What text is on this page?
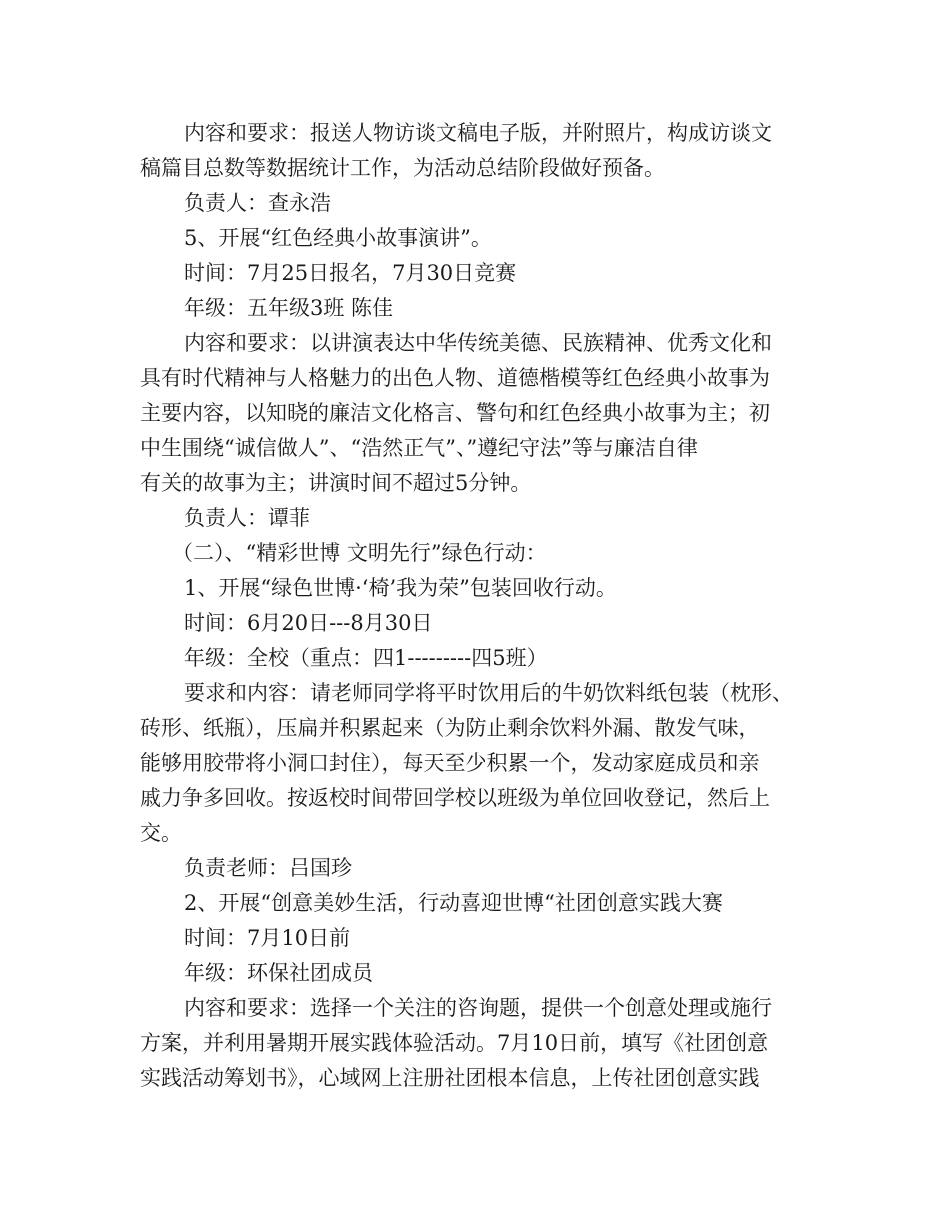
内容和要求：报送人物访谈文稿电子版，并附照片，构成访谈文
稿篇目总数等数据统计工作，为活动总结阶段做好预备。
负责人：查永浩
5、开展“红色经典小故事演讲”。
时间：7月25日报名，7月30日竞赛
年级：五年级3班 陈佳
内容和要求：以讲演表达中华传统美德、民族精神、优秀文化和
具有时代精神与人格魅力的出色人物、道德楷模等红色经典小故事为
主要内容，以知晓的廉洁文化格言、警句和红色经典小故事为主；初
中生围绕“诚信做人”、“浩然正气”、”遵纪守法”等与廉洁自律
有关的故事为主；讲演时间不超过5分钟。
负责人：谭菲
（二）、“精彩世博 文明先行”绿色行动：
1、开展“绿色世博·‘椅’我为荣”包装回收行动。
时间：6月20日---8月30日
年级：全校（重点：四1---------四5班）
要求和内容：请老师同学将平时饮用后的牛奶饮料纸包装（枕形、
砖形、纸瓶），压扁并积累起来（为防止剩余饮料外漏、散发气味，
能够用胶带将小洞口封住），每天至少积累一个，发动家庭成员和亲
戚力争多回收。按返校时间带回学校以班级为单位回收登记，然后上
交。
负责老师：吕国珍
2、开展“创意美妙生活，行动喜迎世博“社团创意实践大赛
时间：7月10日前
年级：环保社团成员
内容和要求：选择一个关注的咨询题，提供一个创意处理或施行
方案，并利用暑期开展实践体验活动。7月10日前，填写《社团创意
实践活动筹划书》，心域网上注册社团根本信息，上传社团创意实践
